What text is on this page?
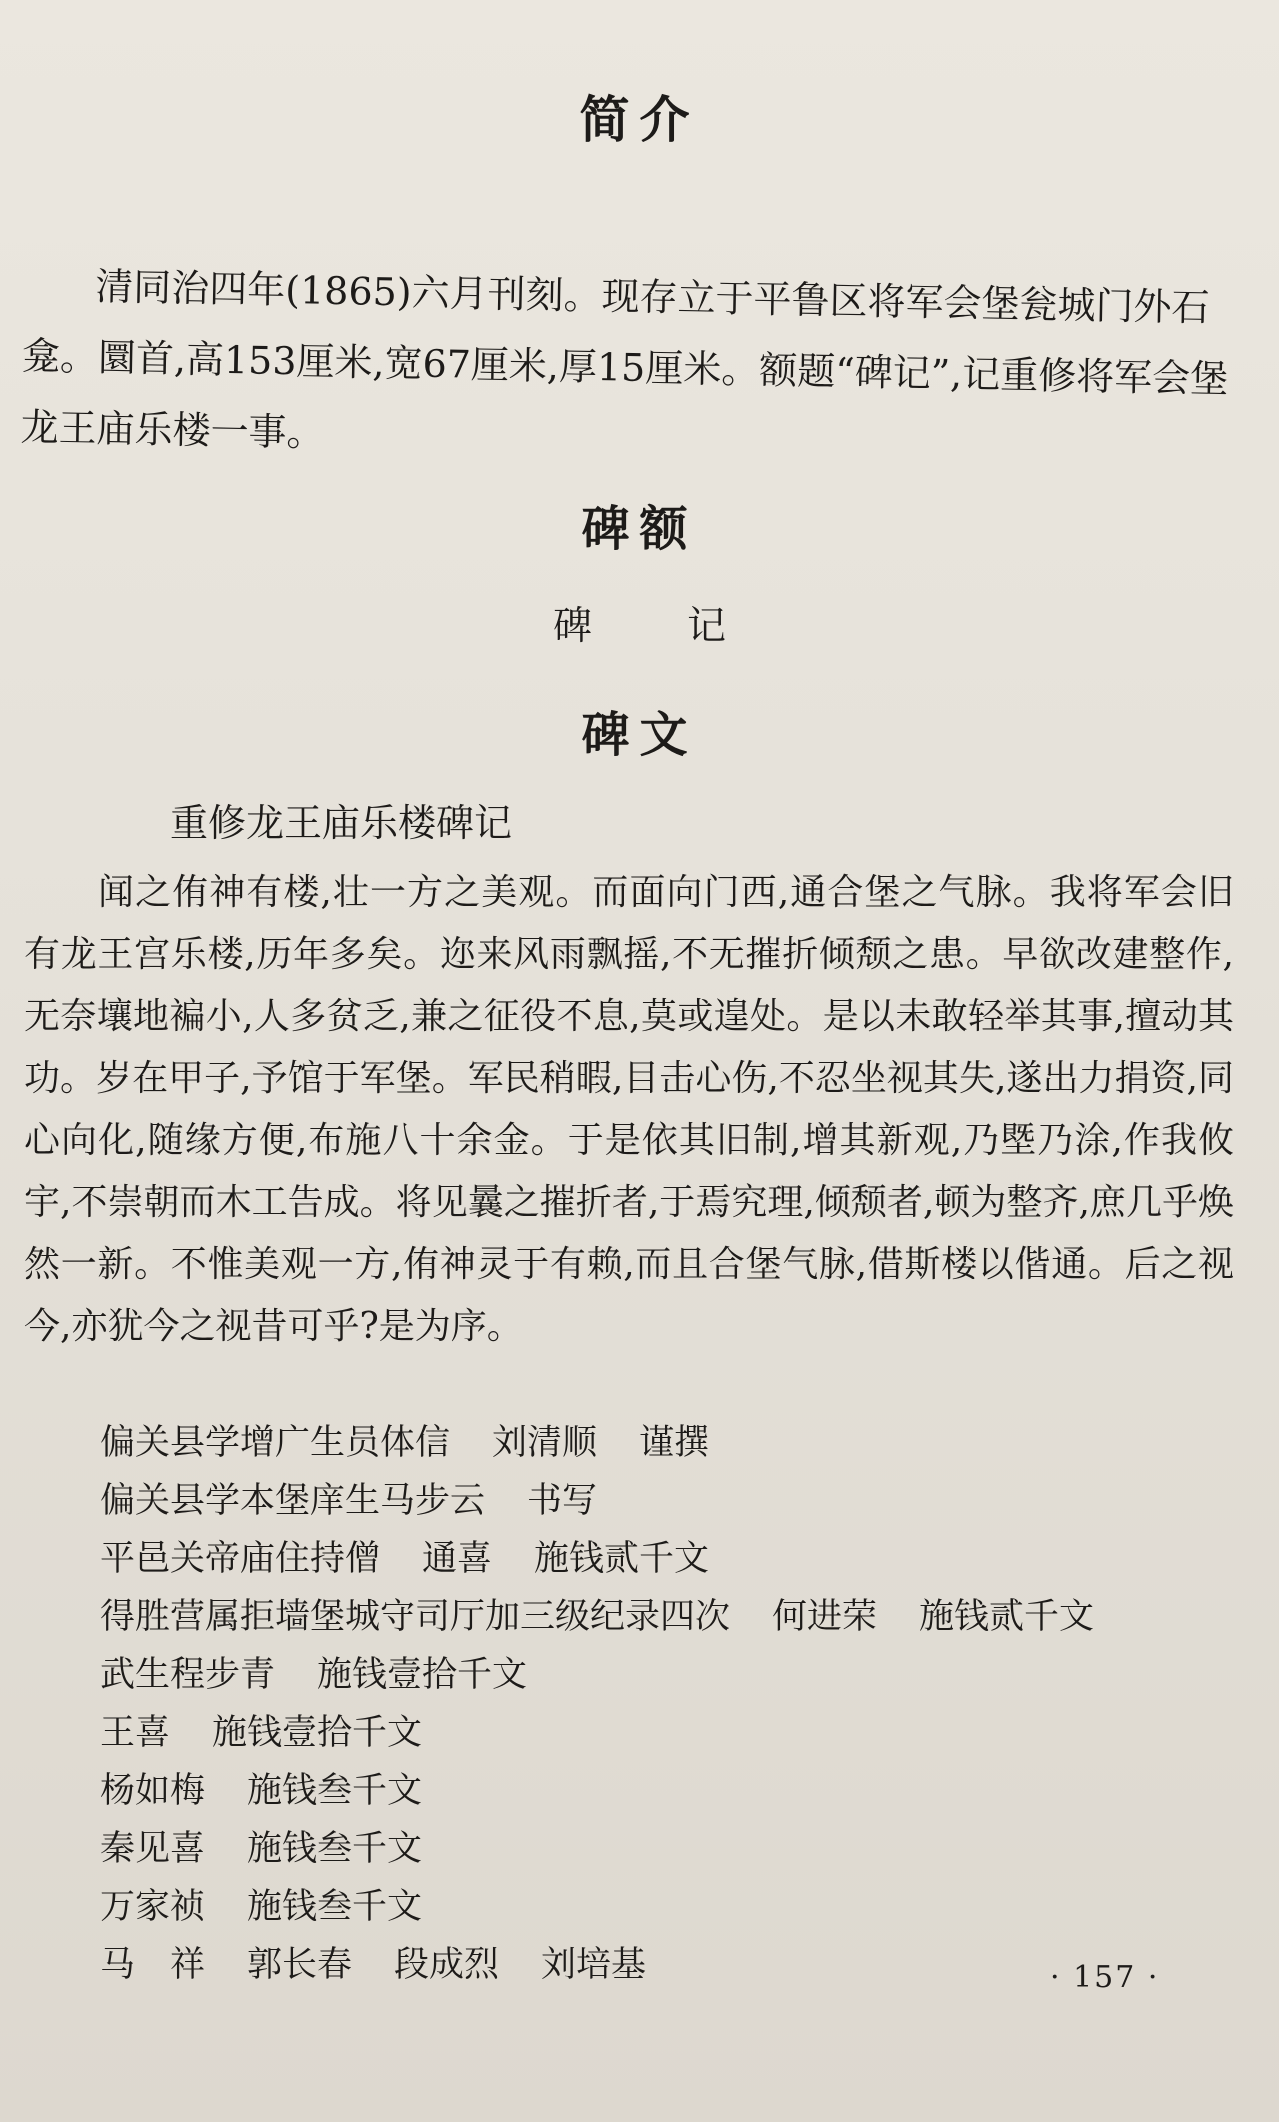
简介

清同治四年(1865)六月刊刻。现存立于平鲁区将军会堡瓮城门外石龛。圜首,高153厘米,宽67厘米,厚15厘米。额题“碑记”,记重修将军会堡龙王庙乐楼一事。

碑额
碑记
碑文
重修龙王庙乐楼碑记

闻之侑神有楼,壮一方之美观。而面向门西,通合堡之气脉。我将军会旧有龙王宫乐楼,历年多矣。迩来风雨飘摇,不无摧折倾颓之患。早欲改建整作,无奈壤地褊小,人多贫乏,兼之征役不息,莫或遑处。是以未敢轻举其事,擅动其功。岁在甲子,予馆于军堡。军民稍暇,目击心伤,不忍坐视其失,遂出力捐资,同心向化,随缘方便,布施八十余金。于是依其旧制,增其新观,乃塈乃涂,作我攸宇,不崇朝而木工告成。将见曩之摧折者,于焉究理,倾颓者,顿为整齐,庶几乎焕然一新。不惟美观一方,侑神灵于有赖,而且合堡气脉,借斯楼以偕通。后之视今,亦犹今之视昔可乎?是为序。

偏关县学增广生员体信 刘清顺 谨撰
偏关县学本堡庠生马步云 书写
平邑关帝庙住持僧 通喜 施钱贰千文
得胜营属拒墙堡城守司厅加三级纪录四次 何进荣 施钱贰千文
武生程步青 施钱壹拾千文
王喜 施钱壹拾千文
杨如梅 施钱叁千文
秦见喜 施钱叁千文
万家祯 施钱叁千文
马　祥 郭长春 段成烈 刘培基	· 157 ·
